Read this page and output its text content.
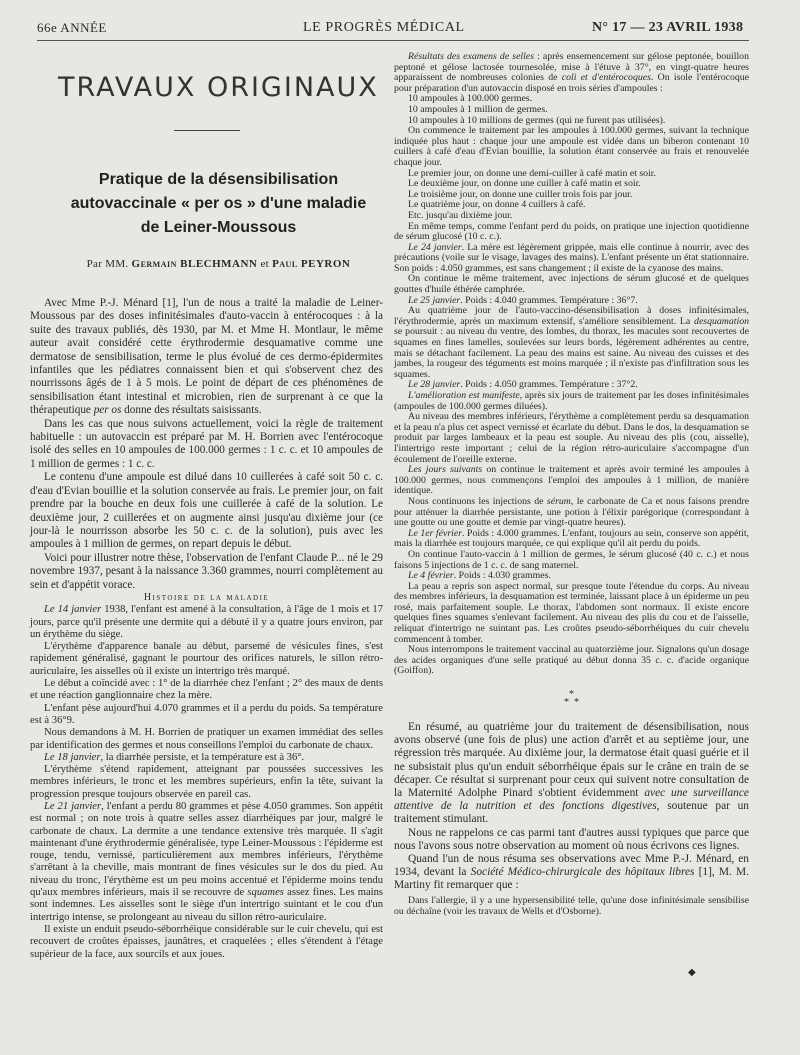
66e ANNÉE	LE PROGRÈS MÉDICAL	N° 17 — 23 AVRIL 1938
TRAVAUX ORIGINAUX
Pratique de la désensibilisation
autovaccinale « per os » d'une maladie
de Leiner-Moussous
Par MM. Germain BLECHMANN et Paul PEYRON

Avec Mme P.-J. Ménard [1], l'un de nous a traité la maladie de Leiner-Moussous par des doses infinitésimales d'auto-vaccin à entérocoques : à la suite des travaux publiés, dès 1930, par M. et Mme H. Montlaur, le même auteur avait considéré cette érythrodermie desquamative comme une dermatose de sensibilisation, terme le plus évolué de ces dermo-épidermites infantiles que les pédiatres connaissent bien et qui s'observent chez des nourrissons âgés de 1 à 5 mois. Le point de départ de ces phénomènes de sensibilisation étant intestinal et microbien, rien de surprenant à ce que la thérapeutique per os donne des résultats saisissants.

Dans les cas que nous suivons actuellement, voici la règle de traitement habituelle : un autovaccin est préparé par M. H. Borrien avec l'entérocoque isolé des selles en 10 ampoules de 100.000 germes : 1 c. c. et 10 ampoules de 1 million de germes : 1 c. c.

Le contenu d'une ampoule est dilué dans 10 cuillerées à café soit 50 c. c. d'eau d'Evian bouillie et la solution conservée au frais. Le premier jour, on fait prendre par la bouche en deux fois une cuillerée à café de la solution. Le deuxième jour, 2 cuillerées et on augmente ainsi jusqu'au dixième jour (ce jour-là le nourrisson absorbe les 50 c. c. de la solution), puis avec les ampoules à 1 million de germes, on repart depuis le début.

Voici pour illustrer notre thèse, l'observation de l'enfant Claude P... né le 29 novembre 1937, pesant à la naissance 3.360 grammes, nourri complètement au sein et d'appétit vorace.

Histoire de la maladie

Le 14 janvier 1938, l'enfant est amené à la consultation, à l'âge de 1 mois et 17 jours, parce qu'il présente une dermite qui a débuté il y a quatre jours environ, par un érythème du siège.

L'érythème d'apparence banale au début, parsemé de vésicules fines, s'est rapidement généralisé, gagnant le pourtour des orifices naturels, le sillon rétro-auriculaire, les aisselles où il existe un intertrigo très marqué.

Le début a coïncidé avec : 1° de la diarrhée chez l'enfant ; 2° des maux de dents et une réaction ganglionnaire chez la mère.

L'enfant pèse aujourd'hui 4.070 grammes et il a perdu du poids. Sa température est à 36°9.

Nous demandons à M. H. Borrien de pratiquer un examen immédiat des selles par identification des germes et nous conseillons l'emploi du carbonate de chaux.

Le 18 janvier, la diarrhée persiste, et la température est à 36°.

L'érythème s'étend rapidement, atteignant par poussées successives les membres inférieurs, le tronc et les membres supérieurs, enfin la tête, suivant la progression presque toujours observée en pareil cas.

Le 21 janvier, l'enfant a perdu 80 grammes et pèse 4.050 grammes. Son appétit est normal ; on note trois à quatre selles assez diarrhéiques par jour, malgré le carbonate de chaux. La dermite a une tendance extensive très marquée. Il s'agit maintenant d'une érythrodermie généralisée, type Leiner-Moussous : l'épiderme est rouge, tendu, vernissé, particulièrement aux membres inférieurs, l'érythème s'arrêtant à la cheville, mais montrant de fines vésicules sur le dos du pied. Au niveau du tronc, l'érythème est un peu moins accentué et l'épiderme moins tendu qu'aux membres inférieurs, mais il se recouvre de squames assez fines. Les mains sont indemnes. Les aisselles sont le siège d'un intertrigo suintant et le cou d'un intertrigo intense, se prolongeant au niveau du sillon rétro-auriculaire.

Il existe un enduit pseudo-séborrhéique considérable sur le cuir chevelu, qui est recouvert de croûtes épaisses, jaunâtres, et craquelées ; elles s'étendent à l'étage supérieur de la face, aux sourcils et aux joues.

Résultats des examens de selles : après ensemencement sur gélose peptonée, bouillon peptoné et gélose lactosée tournesolée, mise à l'étuve à 37°, en vingt-quatre heures apparaissent de nombreuses colonies de coli et d'entérocoques. On isole l'entérocoque pour préparation d'un autovaccin disposé en trois séries d'ampoules :

10 ampoules à 100.000 germes.

10 ampoules à 1 million de germes.

10 ampoules à 10 millions de germes (qui ne furent pas utilisées).

On commence le traitement par les ampoules à 100.000 germes, suivant la technique indiquée plus haut : chaque jour une ampoule est vidée dans un biberon contenant 10 cuillers à café d'eau d'Evian bouillie, la solution étant conservée au frais et renouvelée chaque jour.

Le premier jour, on donne une demi-cuiller à café matin et soir.

Le deuxième jour, on donne une cuiller à café matin et soir.

Le troisième jour, on donne une cuiller trois fois par jour.

Le quatrième jour, on donne 4 cuillers à café.

Etc. jusqu'au dixième jour.

En même temps, comme l'enfant perd du poids, on pratique une injection quotidienne de sérum glucosé (10 c. c.).

Le 24 janvier. La mère est légèrement grippée, mais elle continue à nourrir, avec des précautions (voile sur le visage, lavages des mains). L'enfant présente un état stationnaire. Son poids : 4.050 grammes, est sans changement ; il existe de la cyanose des mains.

On continue le même traitement, avec injections de sérum glucosé et de quelques gouttes d'huile éthérée camphrée.

Le 25 janvier. Poids : 4.040 grammes. Température : 36°7.

Au quatrième jour de l'auto-vaccino-désensibilisation à doses infinitésimales, l'érythrodermie, après un maximum extensif, s'améliore sensiblement. La desquamation se poursuit : au niveau du ventre, des lombes, du thorax, les macules sont recouvertes de squames en fines lamelles, soulevées sur leurs bords, légèrement adhérentes au centre, mais se détachant facilement. La peau des mains est saine. Au niveau des cuisses et des jambes, la rougeur des téguments est moins marquée ; il n'existe pas d'infiltration sous les squames.

Le 28 janvier. Poids : 4.050 grammes. Température : 37°2.

L'amélioration est manifeste, après six jours de traitement par les doses infinitésimales (ampoules de 100.000 germes diluées).

Au niveau des membres inférieurs, l'érythème a complètement perdu sa desquamation et la peau n'a plus cet aspect vernissé et écarlate du début. Dans le dos, la desquamation se produit par larges lambeaux et la peau est souple. Au niveau des plis (cou, aisselle), l'intertrigo reste important ; celui de la région rétro-auriculaire s'accompagne d'un écoulement de l'oreille externe.

Les jours suivants on continue le traitement et après avoir terminé les ampoules à 100.000 germes, nous commençons l'emploi des ampoules à 1 million, de manière identique.

Nous continuons les injections de sérum, le carbonate de Ca et nous faisons prendre pour atténuer la diarrhée persistante, une potion à l'élixir parégorique (correspondant à une goutte ou une goutte et demie par vingt-quatre heures).

Le 1er février. Poids : 4.000 grammes. L'enfant, toujours au sein, conserve son appétit, mais la diarrhée est toujours marquée, ce qui explique qu'il ait perdu du poids.

On continue l'auto-vaccin à 1 million de germes, le sérum glucosé (40 c. c.) et nous faisons 5 injections de 1 c. c. de sang maternel.

Le 4 février. Poids : 4.030 grammes.

La peau a repris son aspect normal, sur presque toute l'étendue du corps. Au niveau des membres inférieurs, la desquamation est terminée, laissant place à un épiderme un peu rosé, mais parfaitement souple. Le thorax, l'abdomen sont normaux. Il existe encore quelques fines squames s'enlevant facilement. Au niveau des plis du cou et de l'aisselle, reliquat d'intertrigo ne suintant pas. Les croûtes pseudo-séborrhéiques du cuir chevelu commencent à tomber.

Nous interrompons le traitement vaccinal au quatorzième jour. Signalons qu'un dosage des acides organiques d'une selle pratiqué au début donna 35 c. c. d'acide organique (Goiffon).

*
* *

En résumé, au quatrième jour du traitement de désensibilisation, nous avons observé (une fois de plus) une action d'arrêt et au septième jour, une régression très marquée. Au dixième jour, la dermatose était quasi guérie et il ne subsistait plus qu'un enduit séborrhéique épais sur le crâne en train de se décaper. Ce résultat si surprenant pour ceux qui suivent notre consultation de la Maternité Adolphe Pinard s'obtient évidemment avec une surveillance attentive de la nutrition et des fonctions digestives, soutenue par un traitement stimulant.

Nous ne rappelons ce cas parmi tant d'autres aussi typiques que parce que nous l'avons sous notre observation au moment où nous écrivons ces lignes.

Quand l'un de nous résuma ses observations avec Mme P.-J. Ménard, en 1934, devant la Société Médico-chirurgicale des hôpitaux libres [1], M. M. Martiny fit remarquer que :

Dans l'allergie, il y a une hypersensibilité telle, qu'une dose infinitésimale sensibilise ou déchaîne (voir les travaux de Wells et d'Osborne).

◆
